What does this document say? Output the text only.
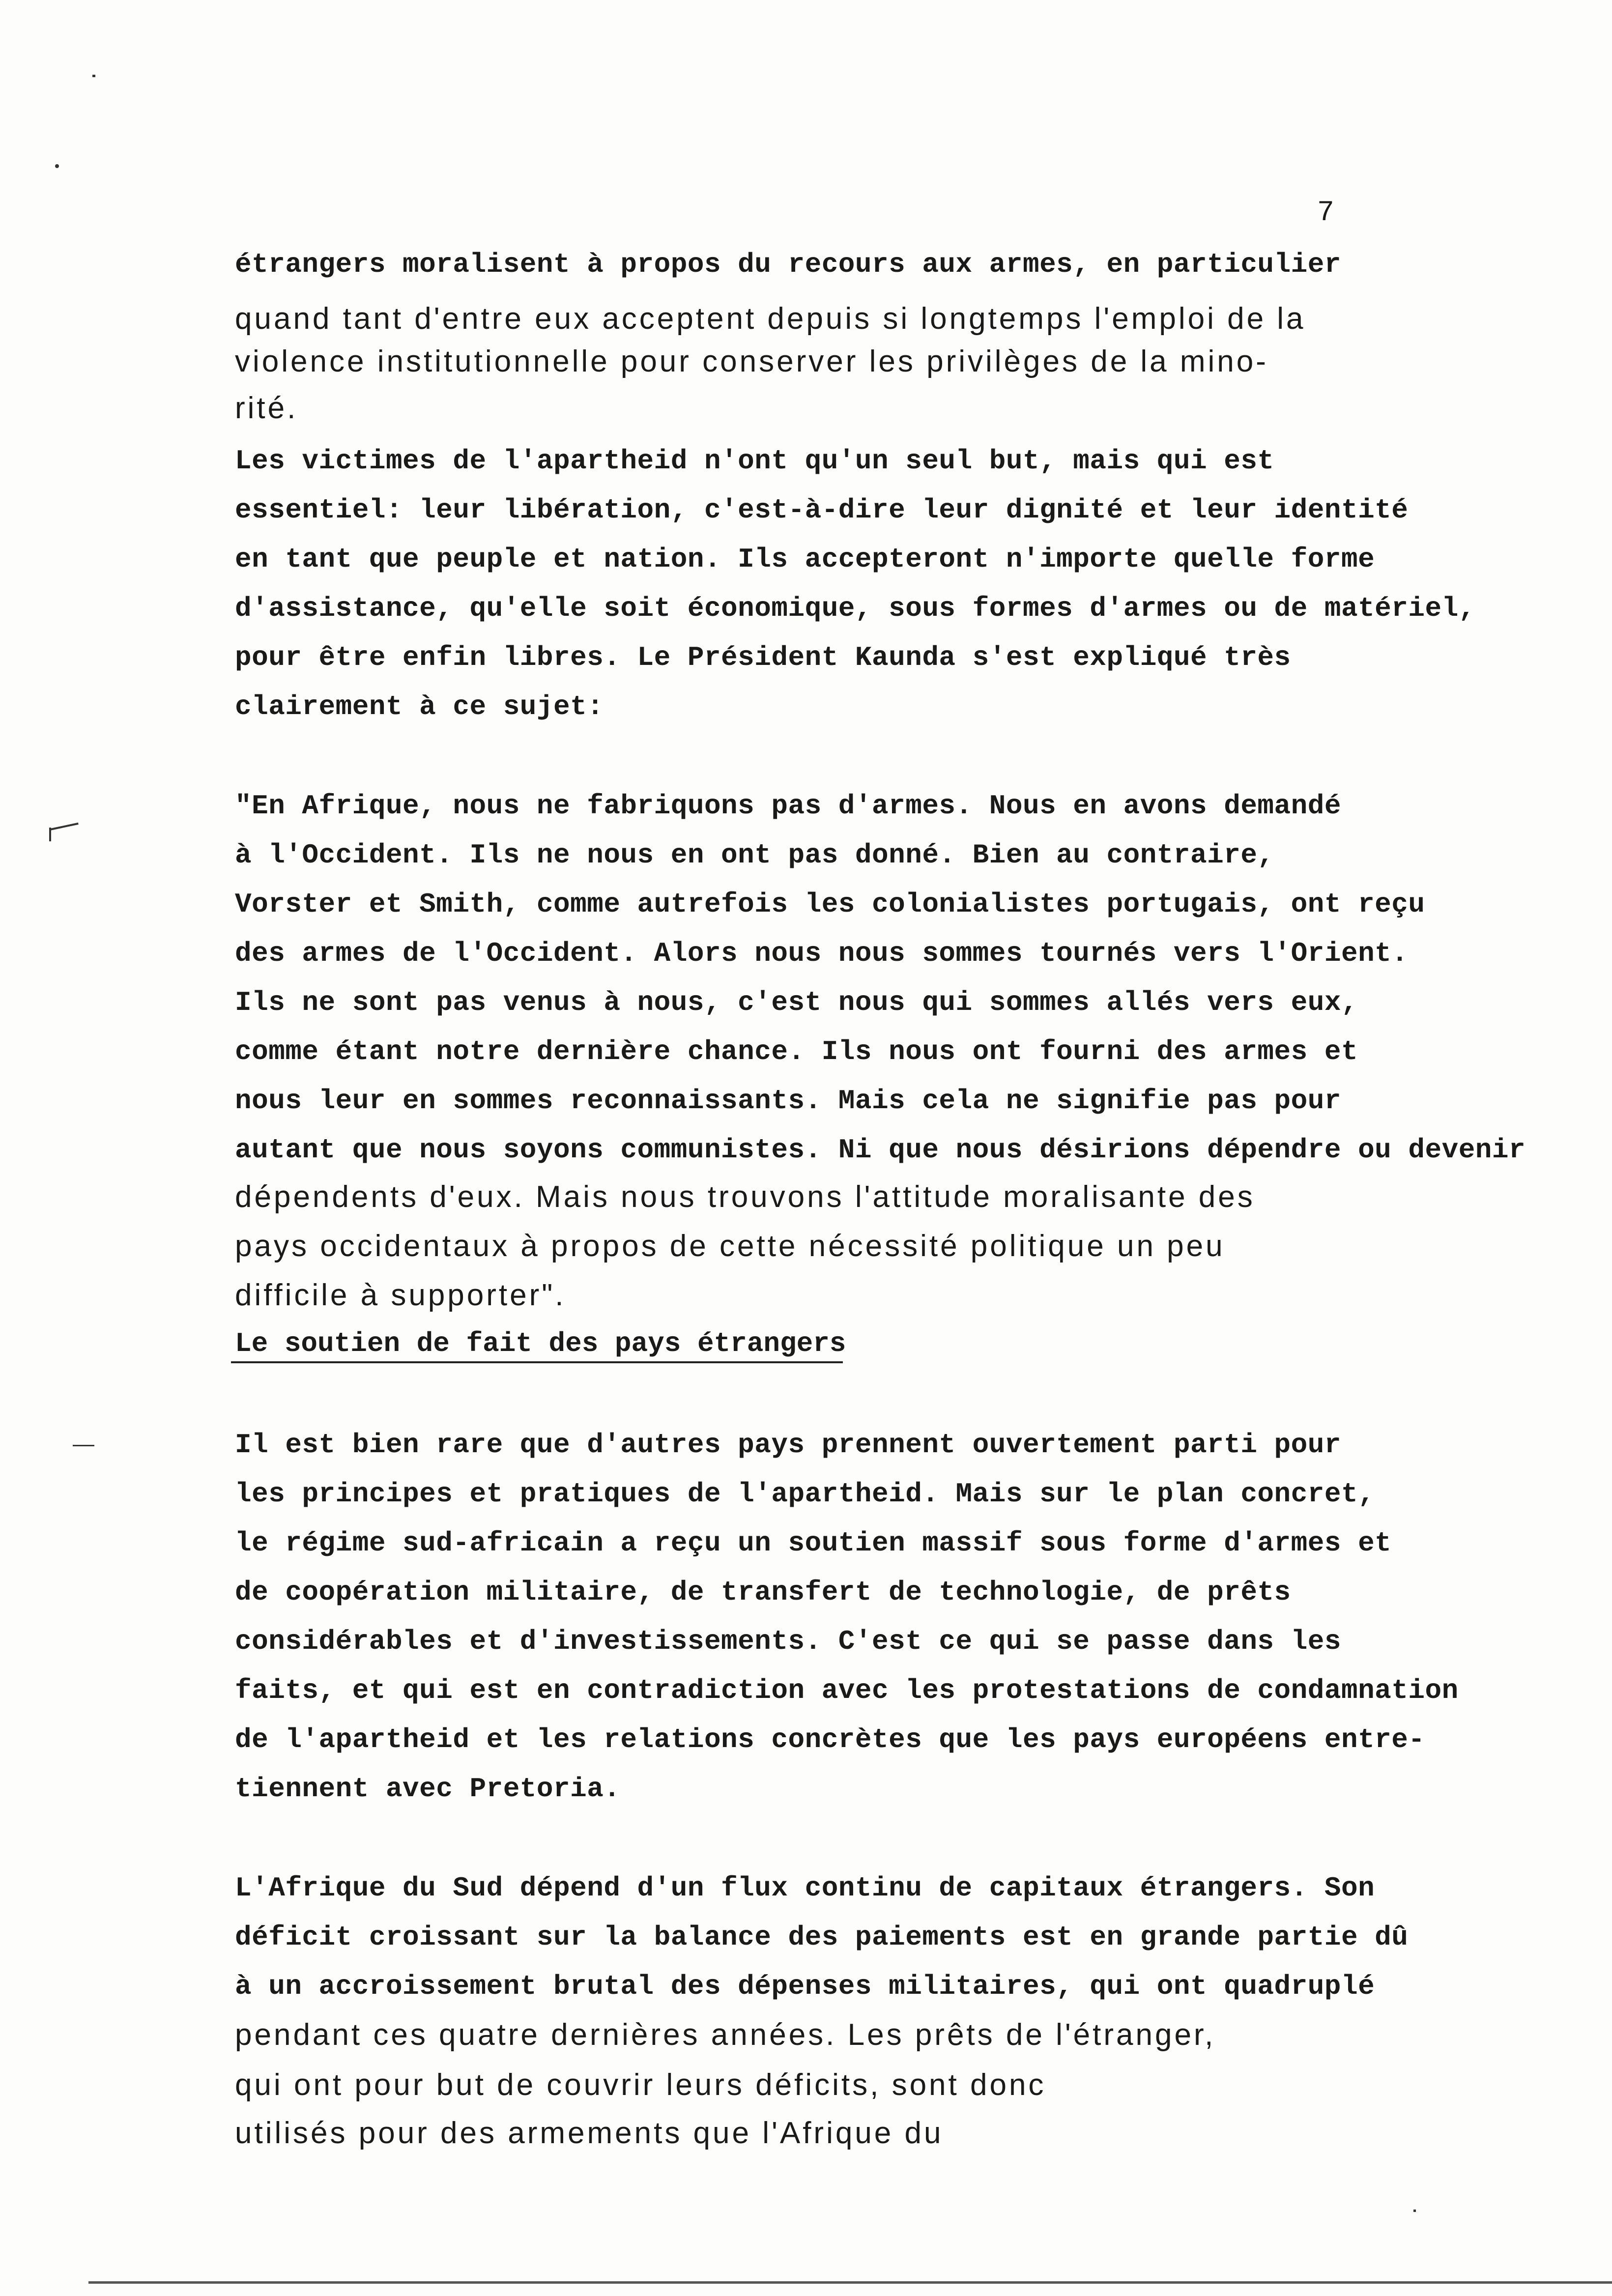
7
étrangers moralisent à propos du recours aux armes, en particulier
quand tant d'entre eux acceptent depuis si longtemps l'emploi de la
violence institutionnelle pour conserver les privilèges de la mino-
rité.
Les victimes de l'apartheid n'ont qu'un seul but, mais qui est
essentiel: leur libération, c'est-à-dire leur dignité et leur identité
en tant que peuple et nation. Ils accepteront n'importe quelle forme
d'assistance, qu'elle soit économique, sous formes d'armes ou de matériel,
pour être enfin libres. Le Président Kaunda s'est expliqué très
clairement à ce sujet:
"En Afrique, nous ne fabriquons pas d'armes. Nous en avons demandé
à l'Occident. Ils ne nous en ont pas donné. Bien au contraire,
Vorster et Smith, comme autrefois les colonialistes portugais, ont reçu
des armes de l'Occident. Alors nous nous sommes tournés vers l'Orient.
Ils ne sont pas venus à nous, c'est nous qui sommes allés vers eux,
comme étant notre dernière chance. Ils nous ont fourni des armes et
nous leur en sommes reconnaissants. Mais cela ne signifie pas pour
autant que nous soyons communistes. Ni que nous désirions dépendre ou devenir
dépendents d'eux. Mais nous trouvons l'attitude moralisante des
pays occidentaux à propos de cette nécessité politique un peu
difficile à supporter".
Le soutien de fait des pays étrangers
Il est bien rare que d'autres pays prennent ouvertement parti pour
les principes et pratiques de l'apartheid. Mais sur le plan concret,
le régime sud-africain a reçu un soutien massif sous forme d'armes et
de coopération militaire, de transfert de technologie, de prêts
considérables et d'investissements. C'est ce qui se passe dans les
faits, et qui est en contradiction avec les protestations de condamnation
de l'apartheid et les relations concrètes que les pays européens entre-
tiennent avec Pretoria.
L'Afrique du Sud dépend d'un flux continu de capitaux étrangers. Son
déficit croissant sur la balance des paiements est en grande partie dû
à un accroissement brutal des dépenses militaires, qui ont quadruplé
pendant ces quatre dernières années. Les prêts de l'étranger,
qui ont pour but de couvrir leurs déficits, sont donc
utilisés pour des armements que l'Afrique du
